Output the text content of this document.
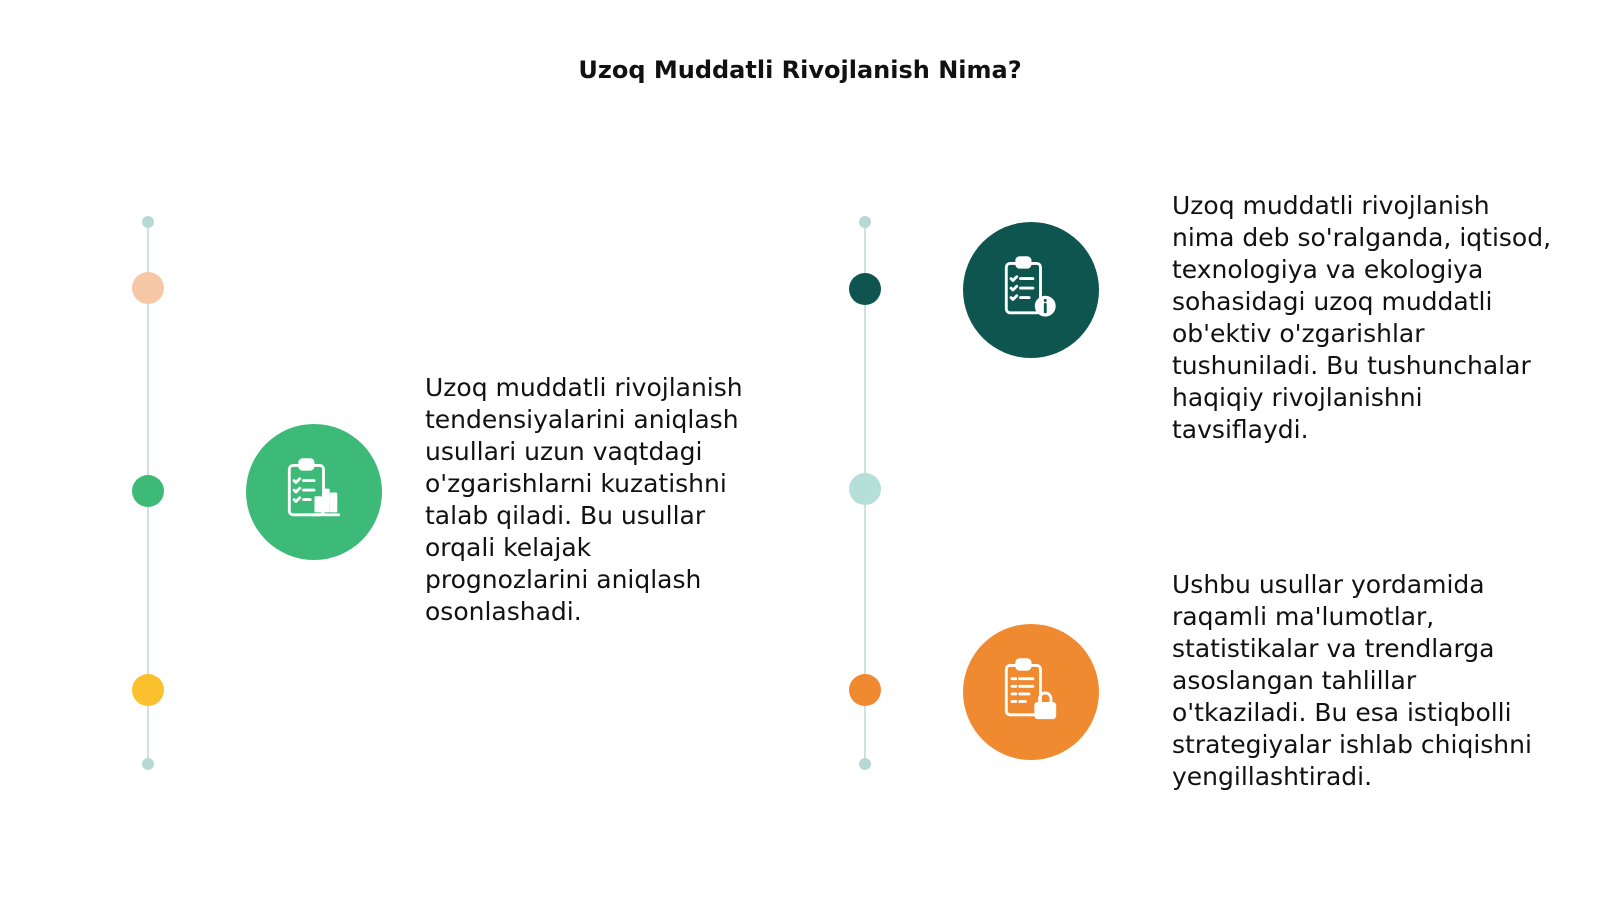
Uzoq Muddatli Rivojlanish Nima?

Uzoq muddatli rivojlanish tendensiyalarini aniqlash usullari uzun vaqtdagi o'zgarishlarni kuzatishni talab qiladi. Bu usullar orqali kelajak prognozlarini aniqlash osonlashadi.

Uzoq muddatli rivojlanish nima deb so'ralganda, iqtisod, texnologiya va ekologiya sohasidagi uzoq muddatli ob'ektiv o'zgarishlar tushuniladi. Bu tushunchalar haqiqiy rivojlanishni tavsiflaydi.

Ushbu usullar yordamida raqamli ma'lumotlar, statistikalar va trendlarga asoslangan tahlillar o'tkaziladi. Bu esa istiqbolli strategiyalar ishlab chiqishni yengillashtiradi.
